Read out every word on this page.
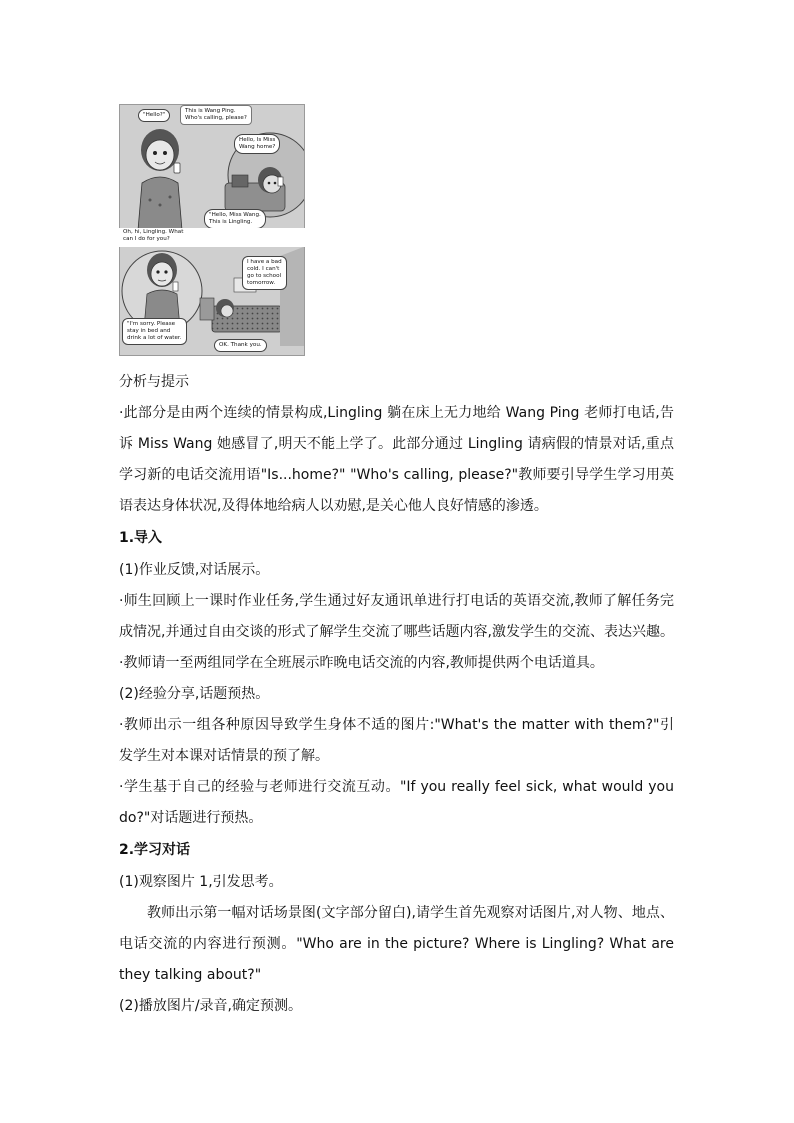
"Hello?"
This is Wang Ping.
Who's calling, please?
Hello, Is Miss
Wang home?
"Hello, Miss Wang.
This is Lingling.
I have a bad
cold. I can't
go to school
tomorrow.
"I'm sorry. Please
stay in bed and
drink a lot of water.
OK. Thank you.
Oh, hi, Lingling. What
can I do for you?
分析与提示
·此部分是由两个连续的情景构成,Lingling 躺在床上无力地给 Wang Ping 老师打电话,告
诉 Miss Wang 她感冒了,明天不能上学了。此部分通过 Lingling 请病假的情景对话,重点
学习新的电话交流用语"Is...home?" "Who's calling, please?"教师要引导学生学习用英
语表达身体状况,及得体地给病人以劝慰,是关心他人良好情感的渗透。
1.导入
(1)作业反馈,对话展示。
·师生回顾上一课时作业任务,学生通过好友通讯单进行打电话的英语交流,教师了解任务完
成情况,并通过自由交谈的形式了解学生交流了哪些话题内容,激发学生的交流、表达兴趣。
·教师请一至两组同学在全班展示昨晚电话交流的内容,教师提供两个电话道具。
(2)经验分享,话题预热。
·教师出示一组各种原因导致学生身体不适的图片:"What's the matter with them?"引
发学生对本课对话情景的预了解。
·学生基于自己的经验与老师进行交流互动。"If you really feel sick, what would you
do?"对话题进行预热。
2.学习对话
(1)观察图片 1,引发思考。
教师出示第一幅对话场景图(文字部分留白),请学生首先观察对话图片,对人物、地点、
电话交流的内容进行预测。"Who are in the picture? Where is Lingling? What are
they talking about?"
(2)播放图片/录音,确定预测。
